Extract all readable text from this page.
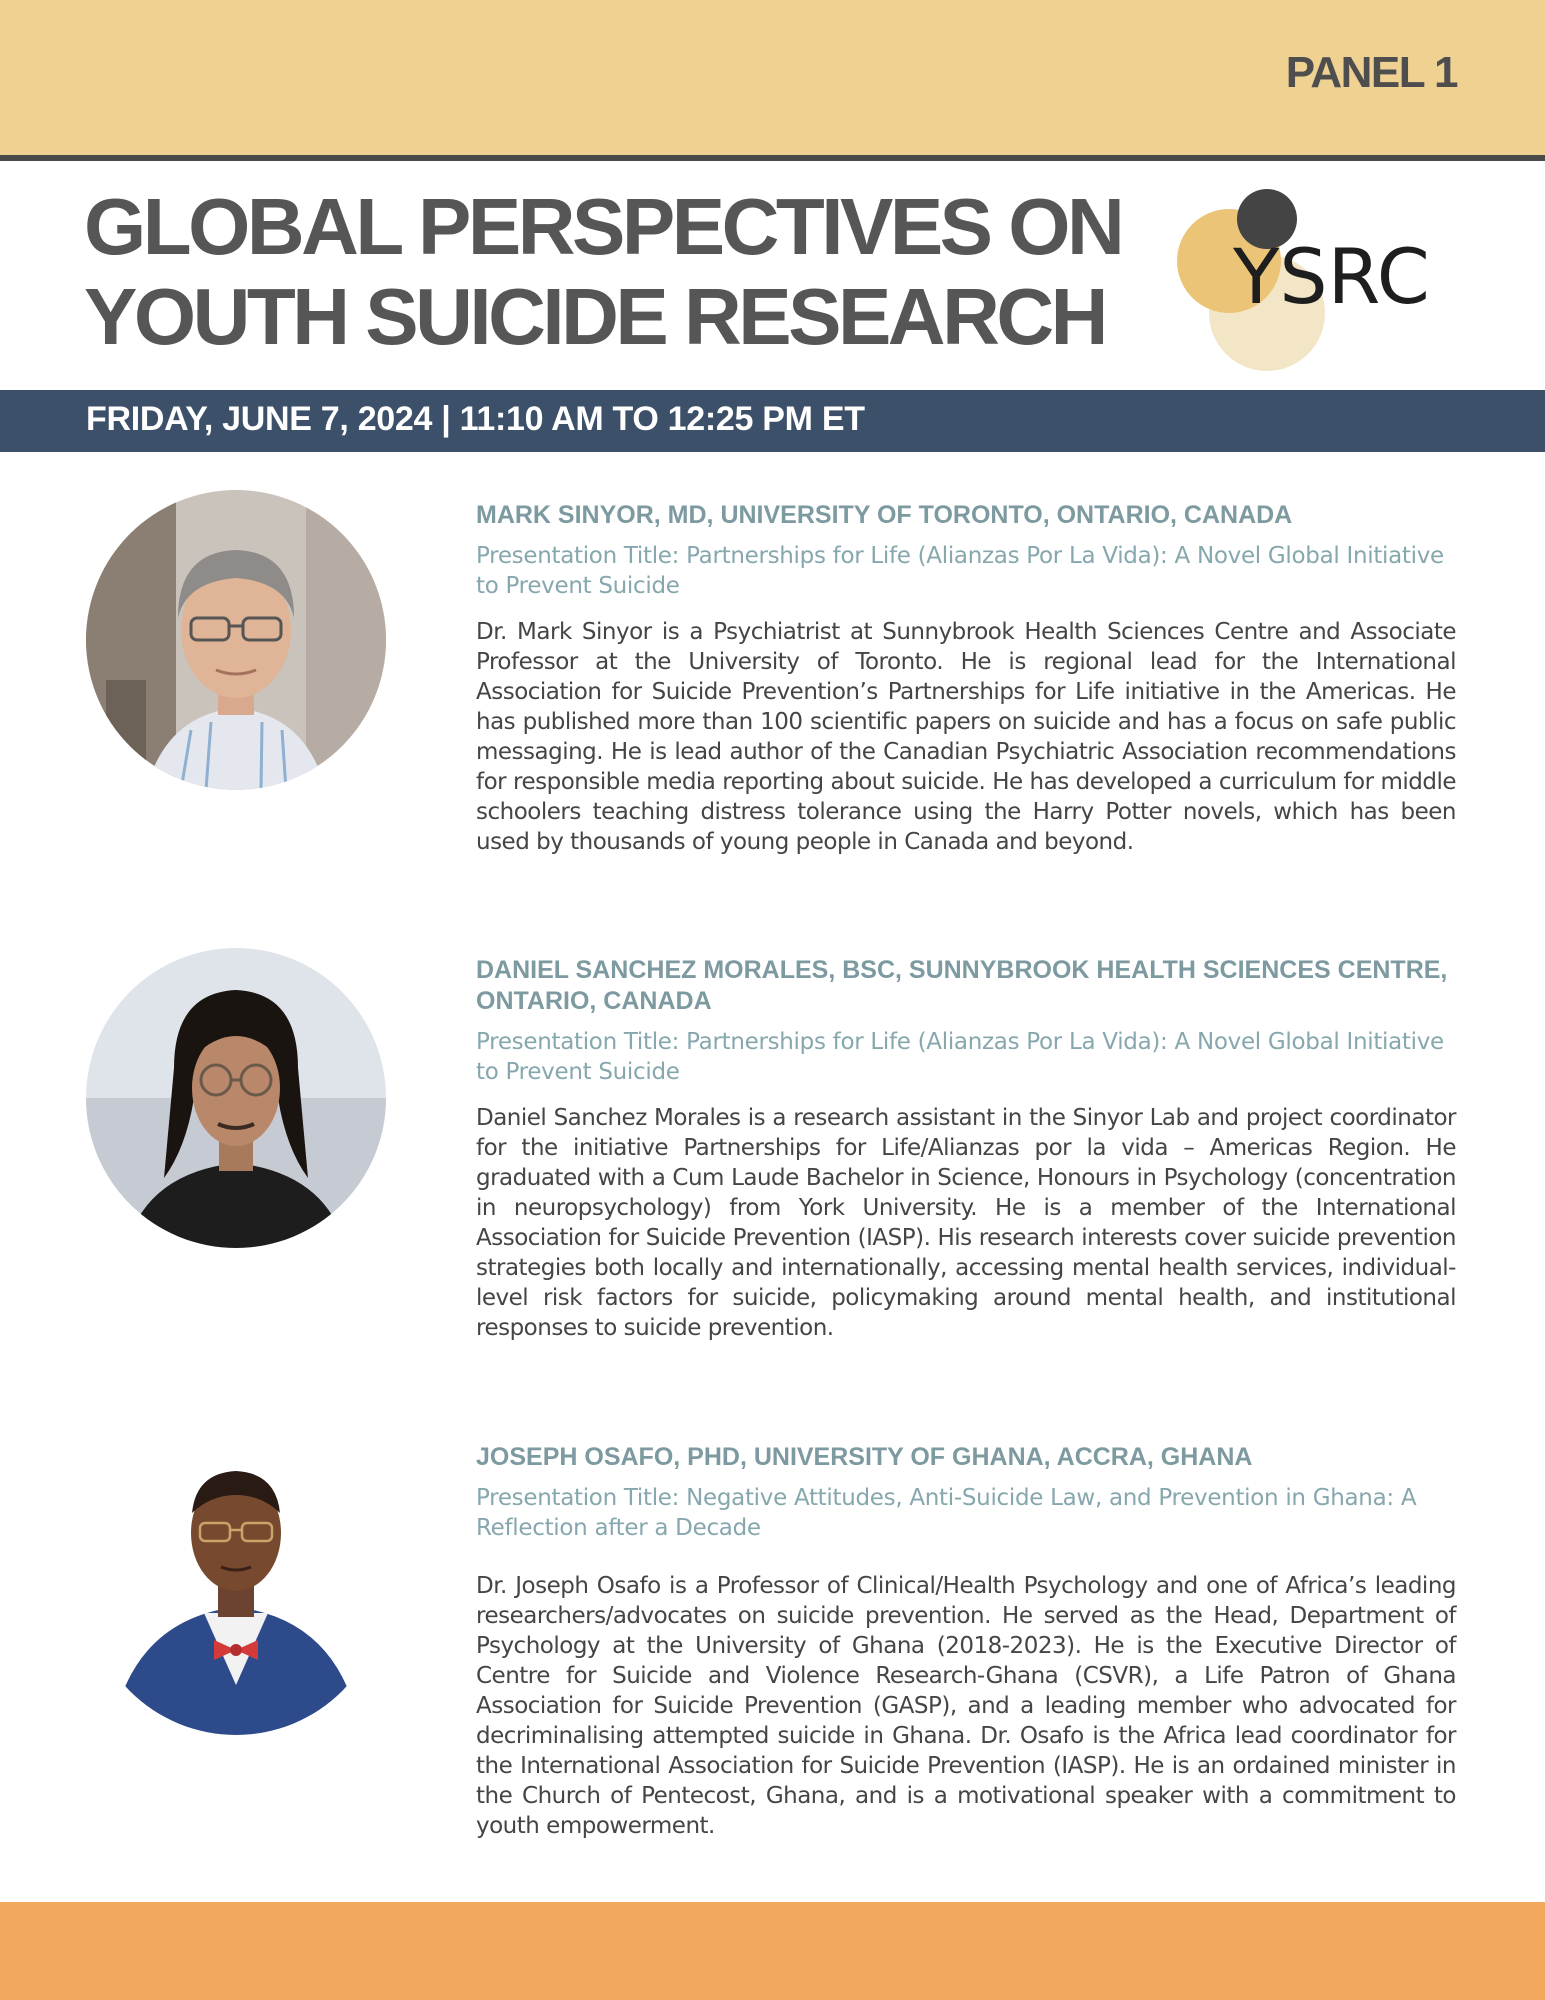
PANEL 1
GLOBAL PERSPECTIVES ON
YOUTH SUICIDE RESEARCH	YSRC
FRIDAY, JUNE 7, 2024 | 11:10 AM TO 12:25 PM ET

MARK SINYOR, MD, UNIVERSITY OF TORONTO, ONTARIO, CANADA

Presentation Title: Partnerships for Life (Alianzas Por La Vida): A Novel Global Initiative to Prevent Suicide

Dr. Mark Sinyor is a Psychiatrist at Sunnybrook Health Sciences Centre and Associate Professor at the University of Toronto. He is regional lead for the International Association for Suicide Prevention’s Partnerships for Life initiative in the Americas. He has published more than 100 scientific papers on suicide and has a focus on safe public messaging. He is lead author of the Canadian Psychiatric Association recommendations for responsible media reporting about suicide. He has developed a curriculum for middle schoolers teaching distress tolerance using the Harry Potter novels, which has been used by thousands of young people in Canada and beyond.

DANIEL SANCHEZ MORALES, BSC, SUNNYBROOK HEALTH SCIENCES CENTRE, ONTARIO, CANADA

Presentation Title: Partnerships for Life (Alianzas Por La Vida): A Novel Global Initiative to Prevent Suicide

Daniel Sanchez Morales is a research assistant in the Sinyor Lab and project coordinator for the initiative Partnerships for Life/Alianzas por la vida – Americas Region. He graduated with a Cum Laude Bachelor in Science, Honours in Psychology (concentration in neuropsychology) from York University. He is a member of the International Association for Suicide Prevention (IASP). His research interests cover suicide prevention strategies both locally and internationally, accessing mental health services, individual-level risk factors for suicide, policymaking around mental health, and institutional responses to suicide prevention.

JOSEPH OSAFO, PHD, UNIVERSITY OF GHANA, ACCRA, GHANA

Presentation Title: Negative Attitudes, Anti-Suicide Law, and Prevention in Ghana: A Reflection after a Decade

Dr. Joseph Osafo is a Professor of Clinical/Health Psychology and one of Africa’s leading researchers/advocates on suicide prevention. He served as the Head, Department of Psychology at the University of Ghana (2018-2023). He is the Executive Director of Centre for Suicide and Violence Research-Ghana (CSVR), a Life Patron of Ghana Association for Suicide Prevention (GASP), and a leading member who advocated for decriminalising attempted suicide in Ghana. Dr. Osafo is the Africa lead coordinator for the International Association for Suicide Prevention (IASP). He is an ordained minister in the Church of Pentecost, Ghana, and is a motivational speaker with a commitment to youth empowerment.
